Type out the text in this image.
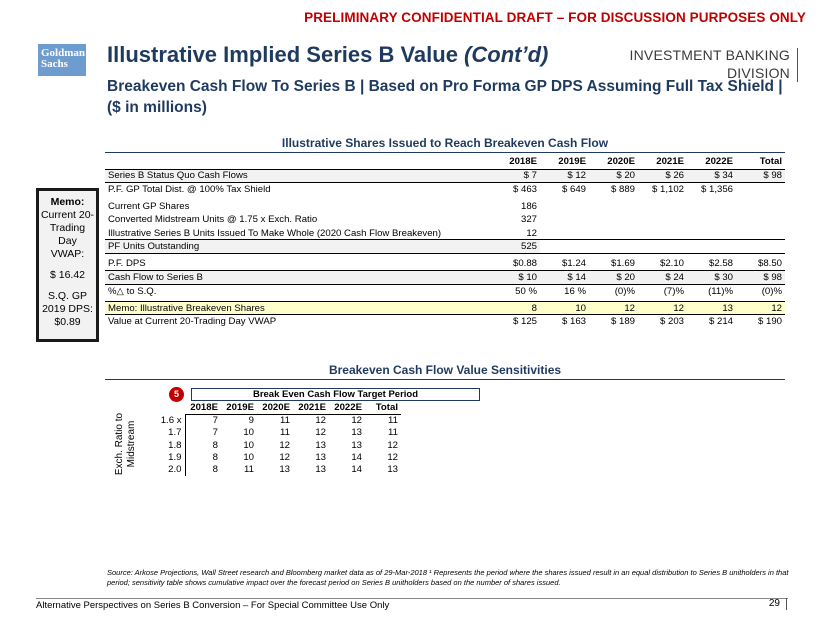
PRELIMINARY CONFIDENTIAL DRAFT – FOR DISCUSSION PURPOSES ONLY
Goldman
Sachs	Illustrative Implied Series B Value (Cont’d)	INVESTMENT BANKING
DIVISION
Breakeven Cash Flow To Series B | Based on Pro Forma GP DPS Assuming Full Tax Shield | ($ in millions)
Illustrative Shares Issued to Reach Breakeven Cash Flow
Memo:
Current 20-
Trading
Day
VWAP:
$ 16.42
S.Q. GP
2019 DPS:
$0.89
	2018E	2019E	2020E	2021E	2022E	Total
Series B Status Quo Cash Flows	$ 7	$ 12	$ 20	$ 26	$ 34	$ 98
P.F. GP Total Dist. @ 100% Tax Shield	$ 463	$ 649	$ 889	$ 1,102	$ 1,356	

Current GP Shares	186					
Converted Midstream Units @ 1.75 x Exch. Ratio	327					
Illustrative Series B Units Issued To Make Whole (2020 Cash Flow Breakeven)	12					
PF Units Outstanding	525					

P.F. DPS	$0.88	$1.24	$1.69	$2.10	$2.58	$8.50
Cash Flow to Series B	$ 10	$ 14	$ 20	$ 24	$ 30	$ 98
%△ to S.Q.	50 %	16 %	(0)%	(7)%	(11)%	(0)%

Memo: Illustrative Breakeven Shares	8	10	12	12	13	12
Value at Current 20-Trading Day VWAP	$ 125	$ 163	$ 189	$ 203	$ 214	$ 190
Breakeven Cash Flow Value Sensitivities
5	Break Even Cash Flow Target Period
Exch. Ratio to Midstream
	2018E	2019E	2020E	2021E	2022E	Total
1.6 x	7	9	11	12	12	11
1.7	7	10	11	12	13	11
1.8	8	10	12	13	13	12
1.9	8	10	12	13	14	12
2.0	8	11	13	13	14	13
Source: Arkose Projections, Wall Street research and Bloomberg market data as of 29-Mar-2018 ¹ Represents the period where the shares issued result in an equal distribution to Series B unitholders in that period; sensitivity table shows cumulative impact over the forecast period on Series B unitholders based on the number of shares issued.
Alternative Perspectives on Series B Conversion – For Special Committee Use Only	29
